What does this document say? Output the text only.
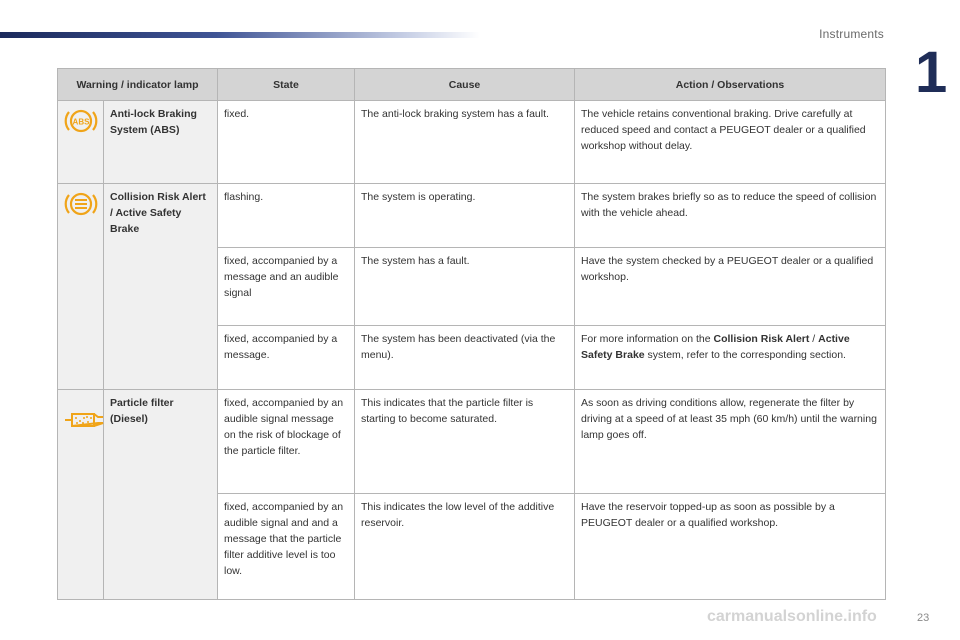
Instruments
1
Warning / indicator lamp		State	Cause	Action / Observations

ABS	Anti-lock Braking System (ABS)	fixed.	The anti-lock braking system has a fault.	The vehicle retains conventional braking. Drive carefully at reduced speed and contact a PEUGEOT dealer or a qualified workshop without delay.

	Collision Risk Alert / Active Safety Brake	flashing.	The system is operating.	The system brakes briefly so as to reduce the speed of collision with the vehicle ahead.
		fixed, accompanied by a message and an audible signal	The system has a fault.	Have the system checked by a PEUGEOT dealer or a qualified workshop.
		fixed, accompanied by a message.	The system has been deactivated (via the menu).	For more information on the Collision Risk Alert / Active Safety Brake system, refer to the corresponding section.

	Particle filter (Diesel)	fixed, accompanied by an audible signal message on the risk of blockage of the particle filter.	This indicates that the particle filter is starting to become saturated.	As soon as driving conditions allow, regenerate the filter by driving at a speed of at least 35 mph (60 km/h) until the warning lamp goes off.
		fixed, accompanied by an audible signal and and a message that the particle filter additive level is too low.	This indicates the low level of the additive reservoir.	Have the reservoir topped-up as soon as possible by a PEUGEOT dealer or a qualified workshop.
carmanualsonline.info	23
